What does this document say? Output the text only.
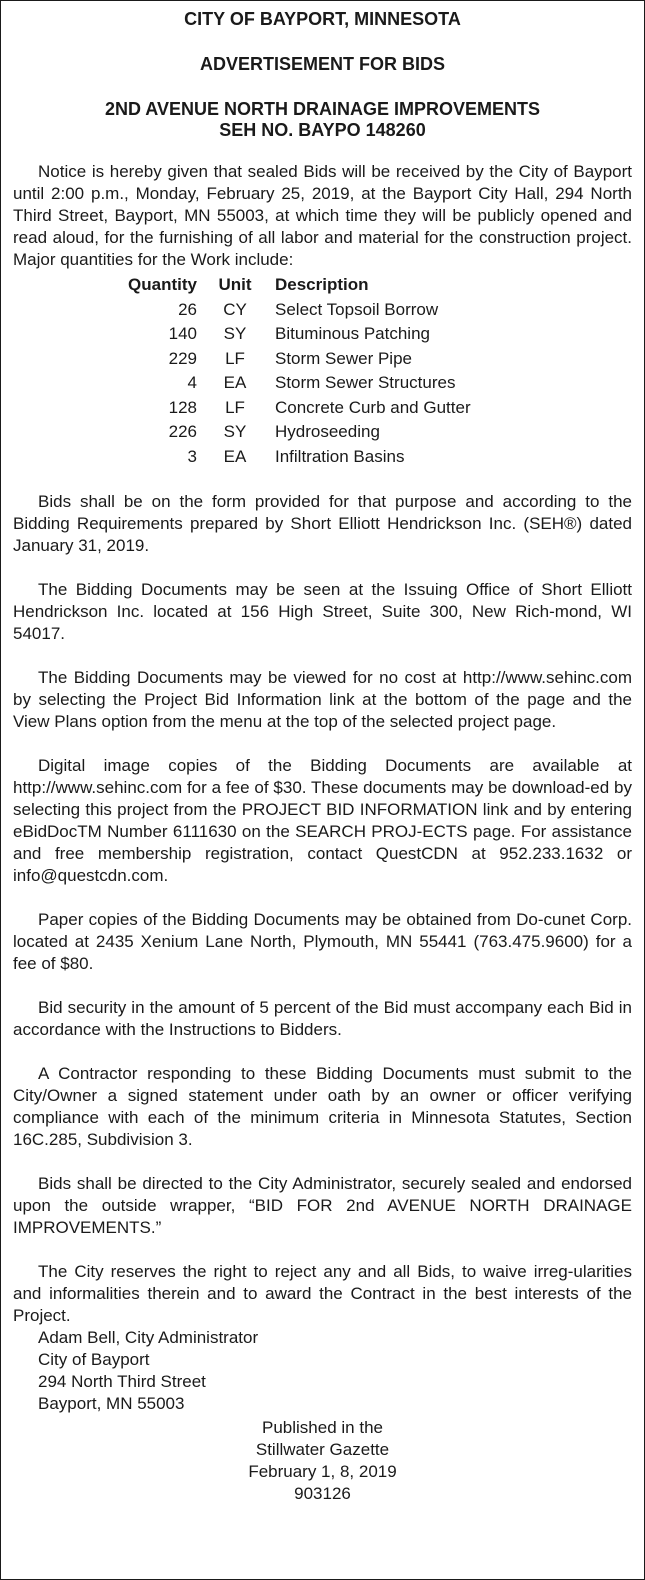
CITY OF BAYPORT, MINNESOTA
ADVERTISEMENT FOR BIDS
2ND AVENUE NORTH DRAINAGE IMPROVEMENTS
SEH NO. BAYPO 148260

Notice is hereby given that sealed Bids will be received by the City of Bayport until 2:00 p.m., Monday, February 25, 2019, at the Bayport City Hall, 294 North Third Street, Bayport, MN 55003, at which time they will be publicly opened and read aloud, for the furnishing of all labor and material for the construction project. Major quantities for the Work include:

Quantity	Unit	Description
26	CY	Select Topsoil Borrow
140	SY	Bituminous Patching
229	LF	Storm Sewer Pipe
4	EA	Storm Sewer Structures
128	LF	Concrete Curb and Gutter
226	SY	Hydroseeding
3	EA	Infiltration Basins

Bids shall be on the form provided for that purpose and according to the Bidding Requirements prepared by Short Elliott Hendrickson Inc. (SEH®) dated January 31, 2019.

The Bidding Documents may be seen at the Issuing Office of Short Elliott Hendrickson Inc. located at 156 High Street, Suite 300, New Rich-mond, WI 54017.

The Bidding Documents may be viewed for no cost at http://www.sehinc.com by selecting the Project Bid Information link at the bottom of the page and the View Plans option from the menu at the top of the selected project page.

Digital image copies of the Bidding Documents are available at http://www.sehinc.com for a fee of $30. These documents may be download-ed by selecting this project from the PROJECT BID INFORMATION link and by entering eBidDocTM Number 6111630 on the SEARCH PROJ-ECTS page. For assistance and free membership registration, contact QuestCDN at 952.233.1632 or info@questcdn.com.

Paper copies of the Bidding Documents may be obtained from Do-cunet Corp. located at 2435 Xenium Lane North, Plymouth, MN 55441 (763.475.9600) for a fee of $80.

Bid security in the amount of 5 percent of the Bid must accompany each Bid in accordance with the Instructions to Bidders.

A Contractor responding to these Bidding Documents must submit to the City/Owner a signed statement under oath by an owner or officer verifying compliance with each of the minimum criteria in Minnesota Statutes, Section 16C.285, Subdivision 3.

Bids shall be directed to the City Administrator, securely sealed and endorsed upon the outside wrapper, “BID FOR 2nd AVENUE NORTH DRAINAGE IMPROVEMENTS.”

The City reserves the right to reject any and all Bids, to waive irreg-ularities and informalities therein and to award the Contract in the best interests of the Project.

Adam Bell, City Administrator
City of Bayport
294 North Third Street
Bayport, MN 55003
Published in the
Stillwater Gazette
February 1, 8, 2019
903126
